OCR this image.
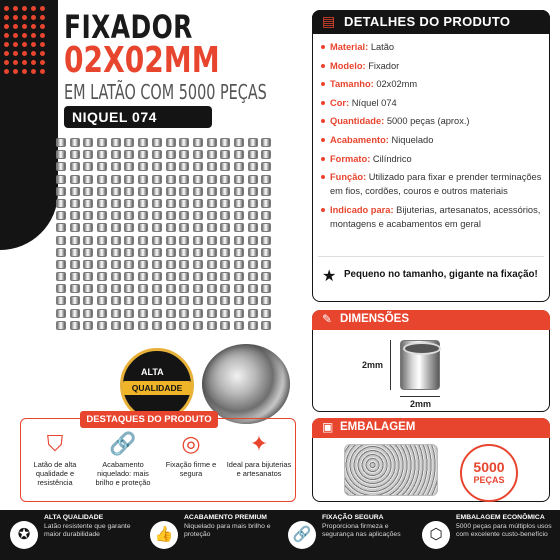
FIXADOR
02X02MM
EM LATÃO COM 5000 PEÇAS
NIQUEL 074
ALTA
QUALIDADE
DESTAQUES DO PRODUTO
⛉
Latão de alta qualidade e resistência
🔗
Acabamento niquelado: mais brilho e proteção
◎
Fixação firme e segura
✦
Ideal para bijuterias e artesanatos
▤ DETALHES DO PRODUTO
Material: Latão
Modelo: Fixador
Tamanho: 02x02mm
Cor: Níquel 074
Quantidade: 5000 peças (aprox.)
Acabamento: Niquelado
Formato: Cilíndrico
Função: Utilizado para fixar e prender terminações em fios, cordões, couros e outros materiais
Indicado para: Bijuterias, artesanatos, acessórios, montagens e acabamentos em geral
★ Pequeno no tamanho, gigante na fixação!
✎ DIMENSÕES
2mm
2mm
▣ EMBALAGEM
5000
PEÇAS
✪
ALTA QUALIDADE
Latão resistente que garante maior durabilidade	👍
ACABAMENTO PREMIUM
Niquelado para mais brilho e proteção	🔗
FIXAÇÃO SEGURA
Proporciona firmeza e segurança nas aplicações	⬡
EMBALAGEM ECONÔMICA
5000 peças para múltiplos usos com excelente custo-benefício
